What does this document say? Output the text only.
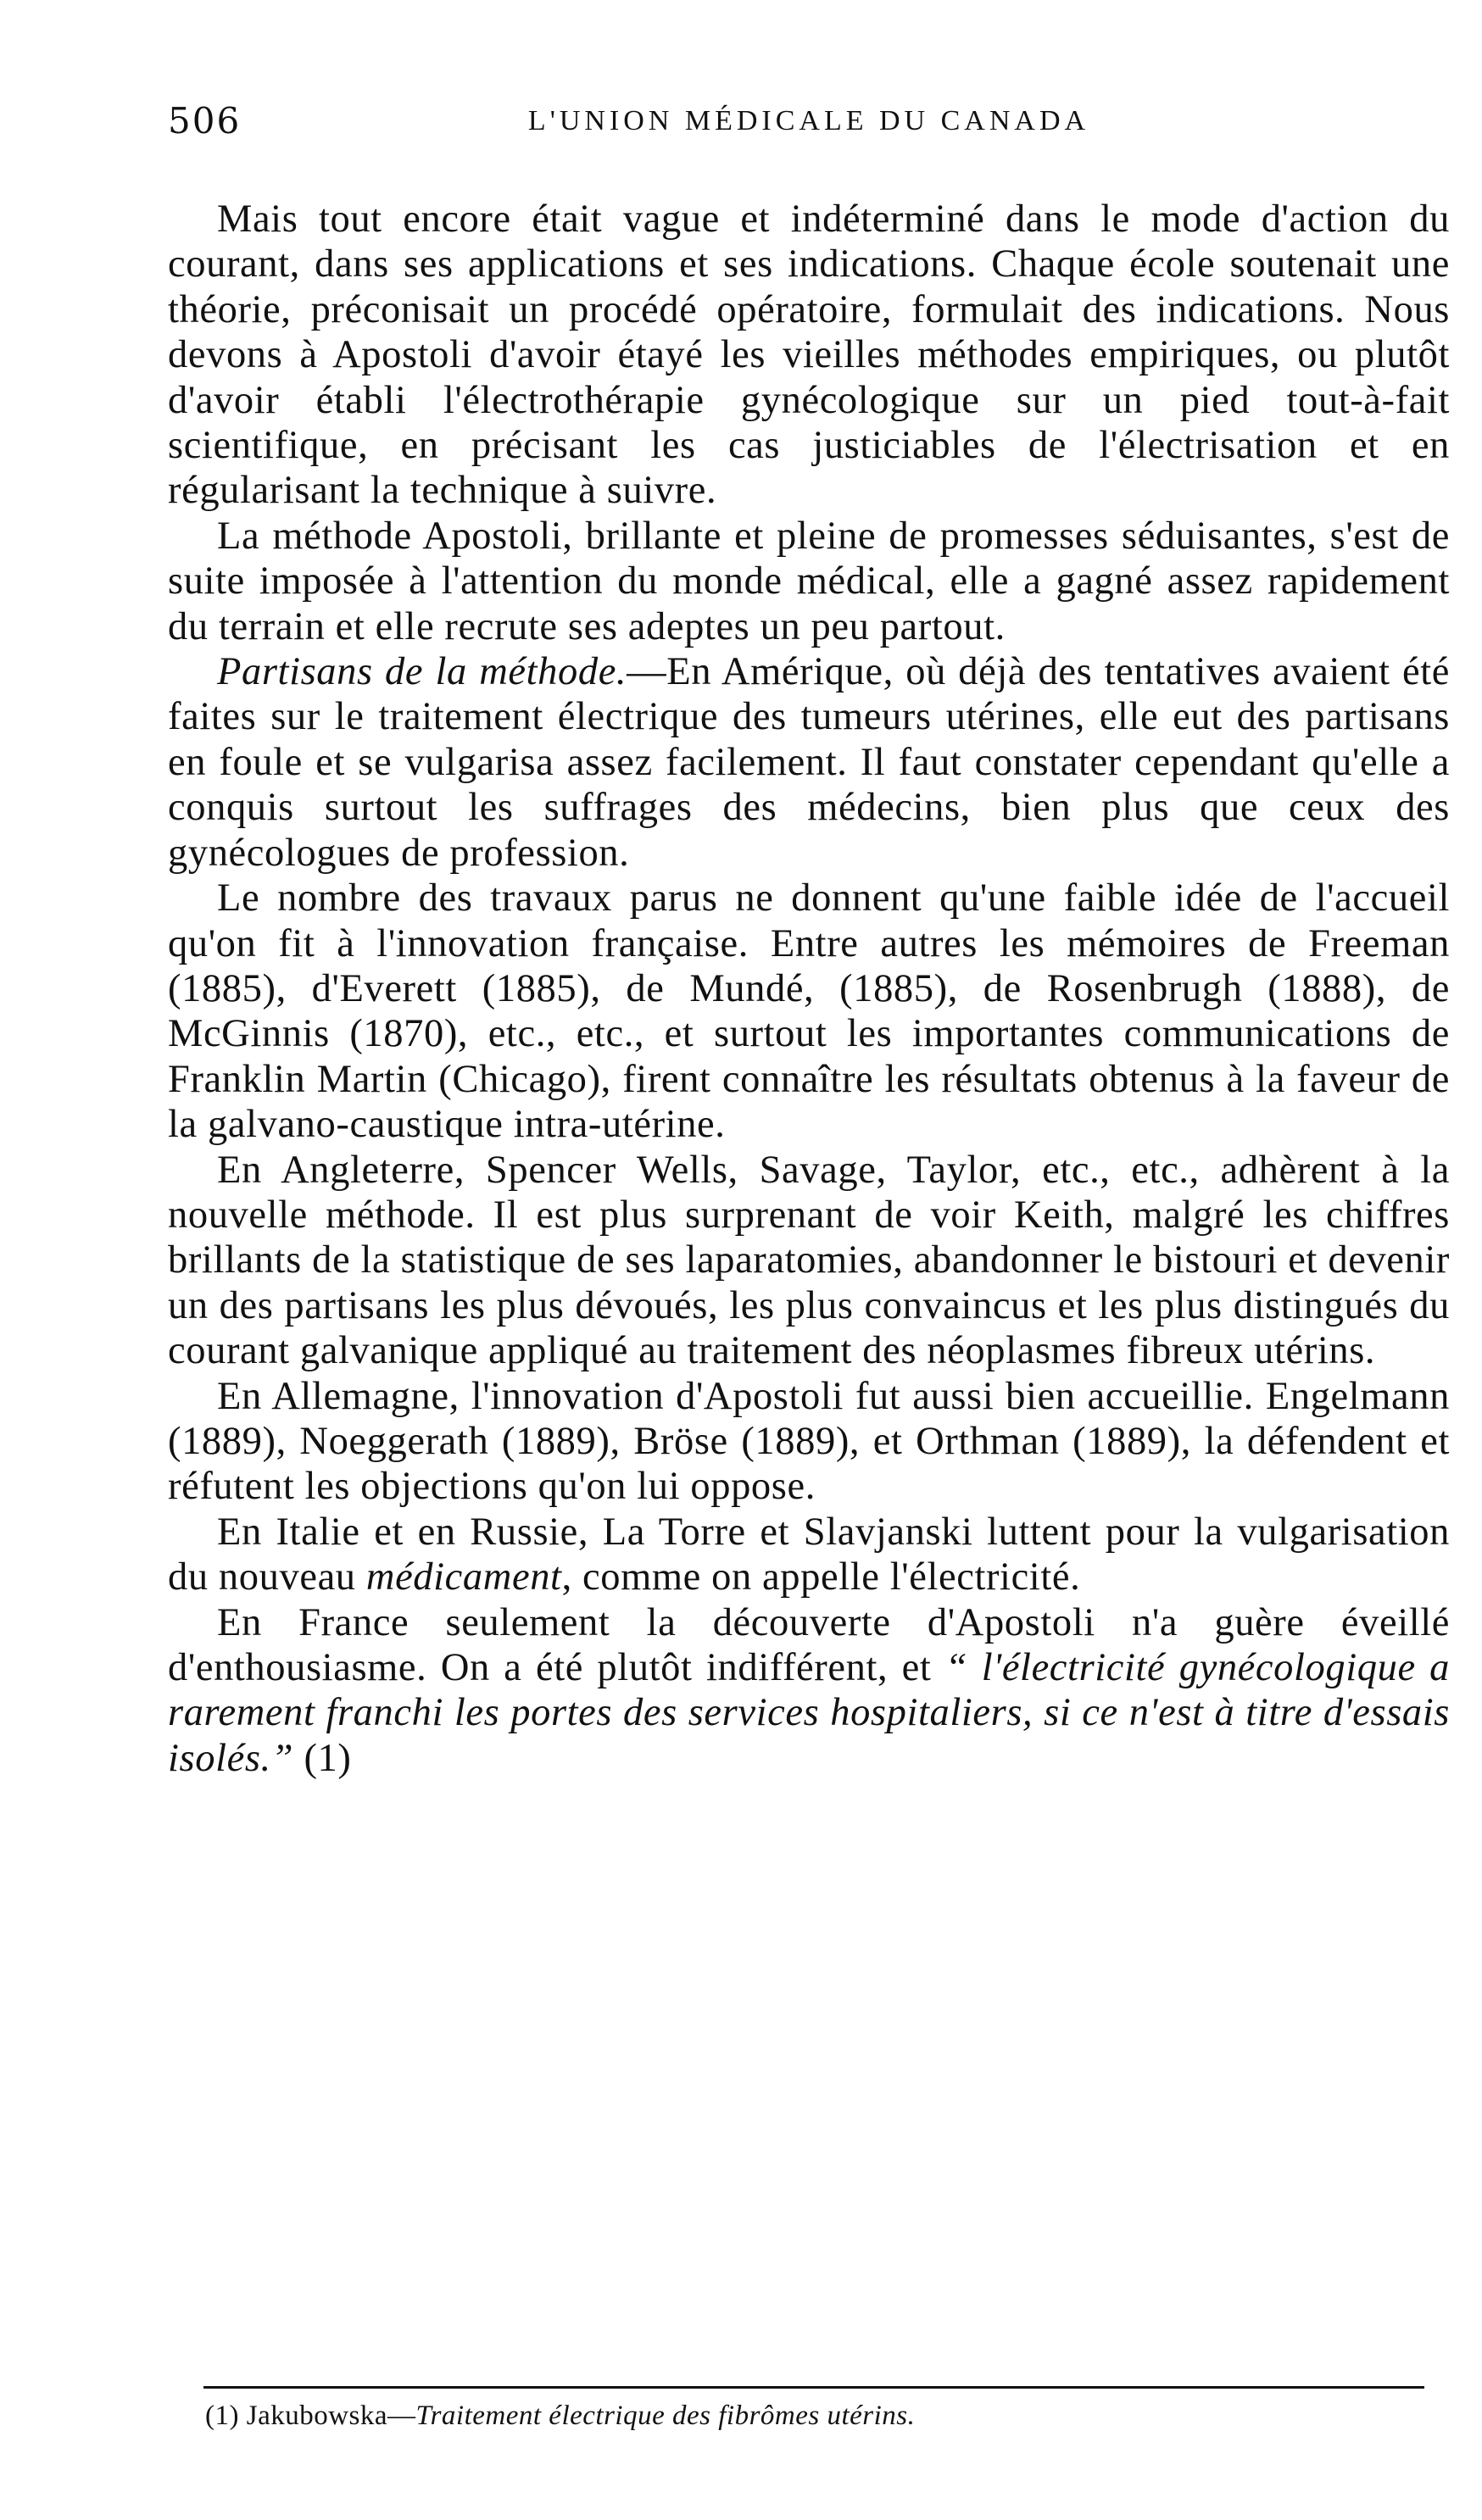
506	L'UNION MÉDICALE DU CANADA

Mais tout encore était vague et indéterminé dans le mode d'action du courant, dans ses applications et ses indications. Chaque école soutenait une théorie, préconisait un procédé opératoire, formulait des indications. Nous devons à Apostoli d'avoir étayé les vieilles méthodes empiriques, ou plutôt d'avoir établi l'électrothérapie gynécologique sur un pied tout-à-fait scientifique, en précisant les cas justiciables de l'électrisation et en régularisant la technique à suivre.

La méthode Apostoli, brillante et pleine de promesses séduisantes, s'est de suite imposée à l'attention du monde médical, elle a gagné assez rapidement du terrain et elle recrute ses adeptes un peu partout.

Partisans de la méthode.—En Amérique, où déjà des tentatives avaient été faites sur le traitement électrique des tumeurs utérines, elle eut des partisans en foule et se vulgarisa assez facilement. Il faut constater cependant qu'elle a conquis surtout les suffrages des médecins, bien plus que ceux des gynécologues de profession.

Le nombre des travaux parus ne donnent qu'une faible idée de l'accueil qu'on fit à l'innovation française. Entre autres les mémoires de Freeman (1885), d'Everett (1885), de Mundé, (1885), de Rosenbrugh (1888), de McGinnis (1870), etc., etc., et surtout les importantes communications de Franklin Martin (Chicago), firent connaître les résultats obtenus à la faveur de la galvano-caustique intra-utérine.

En Angleterre, Spencer Wells, Savage, Taylor, etc., etc., adhèrent à la nouvelle méthode. Il est plus surprenant de voir Keith, malgré les chiffres brillants de la statistique de ses laparatomies, abandonner le bistouri et devenir un des partisans les plus dévoués, les plus convaincus et les plus distingués du courant galvanique appliqué au traitement des néoplasmes fibreux utérins.

En Allemagne, l'innovation d'Apostoli fut aussi bien accueillie. Engelmann (1889), Noeggerath (1889), Bröse (1889), et Orthman (1889), la défendent et réfutent les objections qu'on lui oppose.

En Italie et en Russie, La Torre et Slavjanski luttent pour la vulgarisation du nouveau médicament, comme on appelle l'électricité.

En France seulement la découverte d'Apostoli n'a guère éveillé d'enthousiasme. On a été plutôt indifférent, et “ l'électricité gynécologique a rarement franchi les portes des services hospitaliers, si ce n'est à titre d'essais isolés.” (1)

(1) Jakubowska—Traitement électrique des fibrômes utérins.
